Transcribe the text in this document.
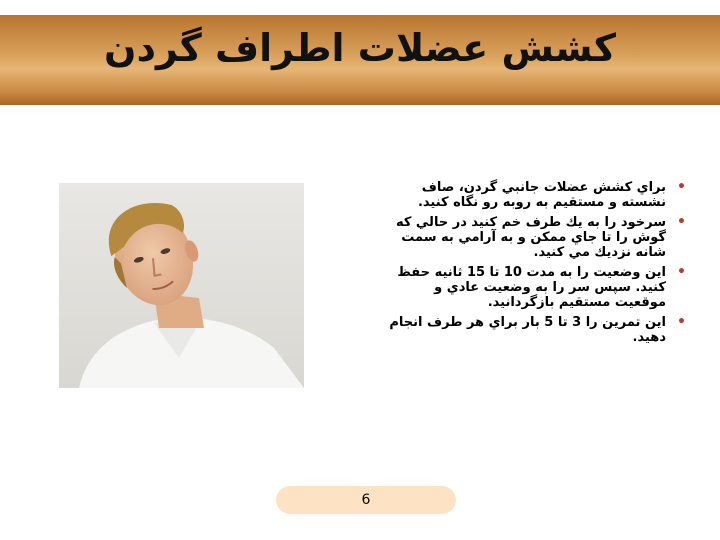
کشش عضلات اطراف گردن
•
براي كشش عضلات جانبي گردن، صاف نشسته و مستقيم به روبه رو نگاه كنيد.
•
سرخود را به يك طرف خم كنيد در حالي كه گوش را تا جاي ممكن و به آرامي به سمت شانه نزديك مي كنيد.
•
اين وضعيت را به مدت 10 تا 15 ثانيه حفظ كنيد. سپس سر را به وضعيت عادي و موقعيت مستقيم بازگردانيد.
•
اين تمرين را 3 تا 5 بار براي هر طرف انجام دهيد.
6
